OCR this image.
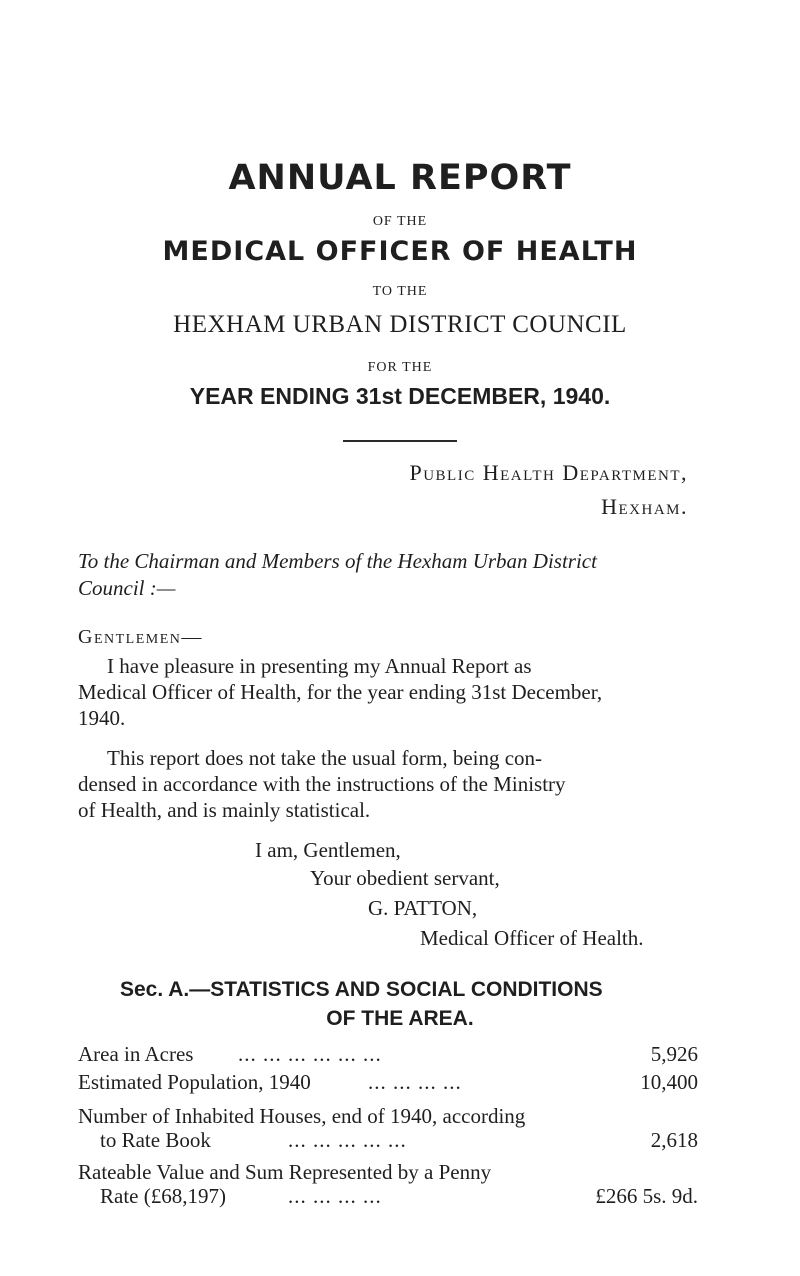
ANNUAL REPORT
OF THE
MEDICAL OFFICER OF HEALTH
TO THE
HEXHAM URBAN DISTRICT COUNCIL
FOR THE
YEAR ENDING 31st DECEMBER, 1940.
Public Health Department,
Hexham.
To the Chairman and Members of the Hexham Urban District
Council :—
Gentlemen—
I have pleasure in presenting my Annual Report as
Medical Officer of Health, for the year ending 31st December,
1940.
This report does not take the usual form, being con-
densed in accordance with the instructions of the Ministry
of Health, and is mainly statistical.
I am, Gentlemen,
Your obedient servant,
G. PATTON,
Medical Officer of Health.
Sec. A.—STATISTICS AND SOCIAL CONDITIONS
OF THE AREA.
Area in Acres ... ... ... ... ... ...	5,926
Estimated Population, 1940	... ... ... ...	10,400
Number of Inhabited Houses, end of 1940, according
to Rate Book	... ... ... ... ...	2,618
Rateable Value and Sum Represented by a Penny
Rate (£68,197)	... ... ... ...	£266 5s. 9d.
